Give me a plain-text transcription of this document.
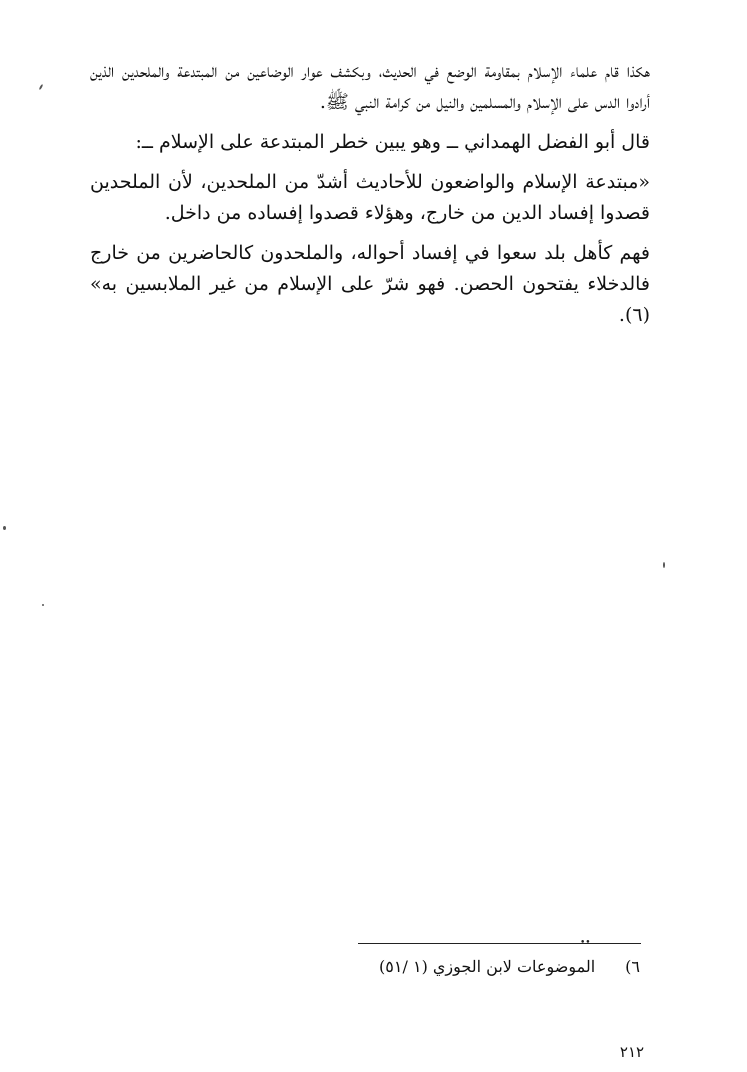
هكذا قام علماء الإسلام بمقاومة الوضع في الحديث، وبكشف عوار الوضاعين من المبتدعة والملحدين الذين أرادوا الدس على الإسلام والمسلمين والنيل من كرامة النبي ﷺ.

قال أبو الفضل الهمداني ــ وهو يبين خطر المبتدعة على الإسلام ــ:

«مبتدعة الإسلام والواضعون للأحاديث أشدّ من الملحدين، لأن الملحدين قصدوا إفساد الدين من خارج، وهؤلاء قصدوا إفساده من داخل.

فهم كأهل بلد سعوا في إفساد أحواله، والملحدون كالحاضرين من خارج فالدخلاء يفتحون الحصن. فهو شرّ على الإسلام من غير الملابسين به» (٦).

••
٦)الموضوعات لابن الجوزي (١ /٥١)
٢١٢
